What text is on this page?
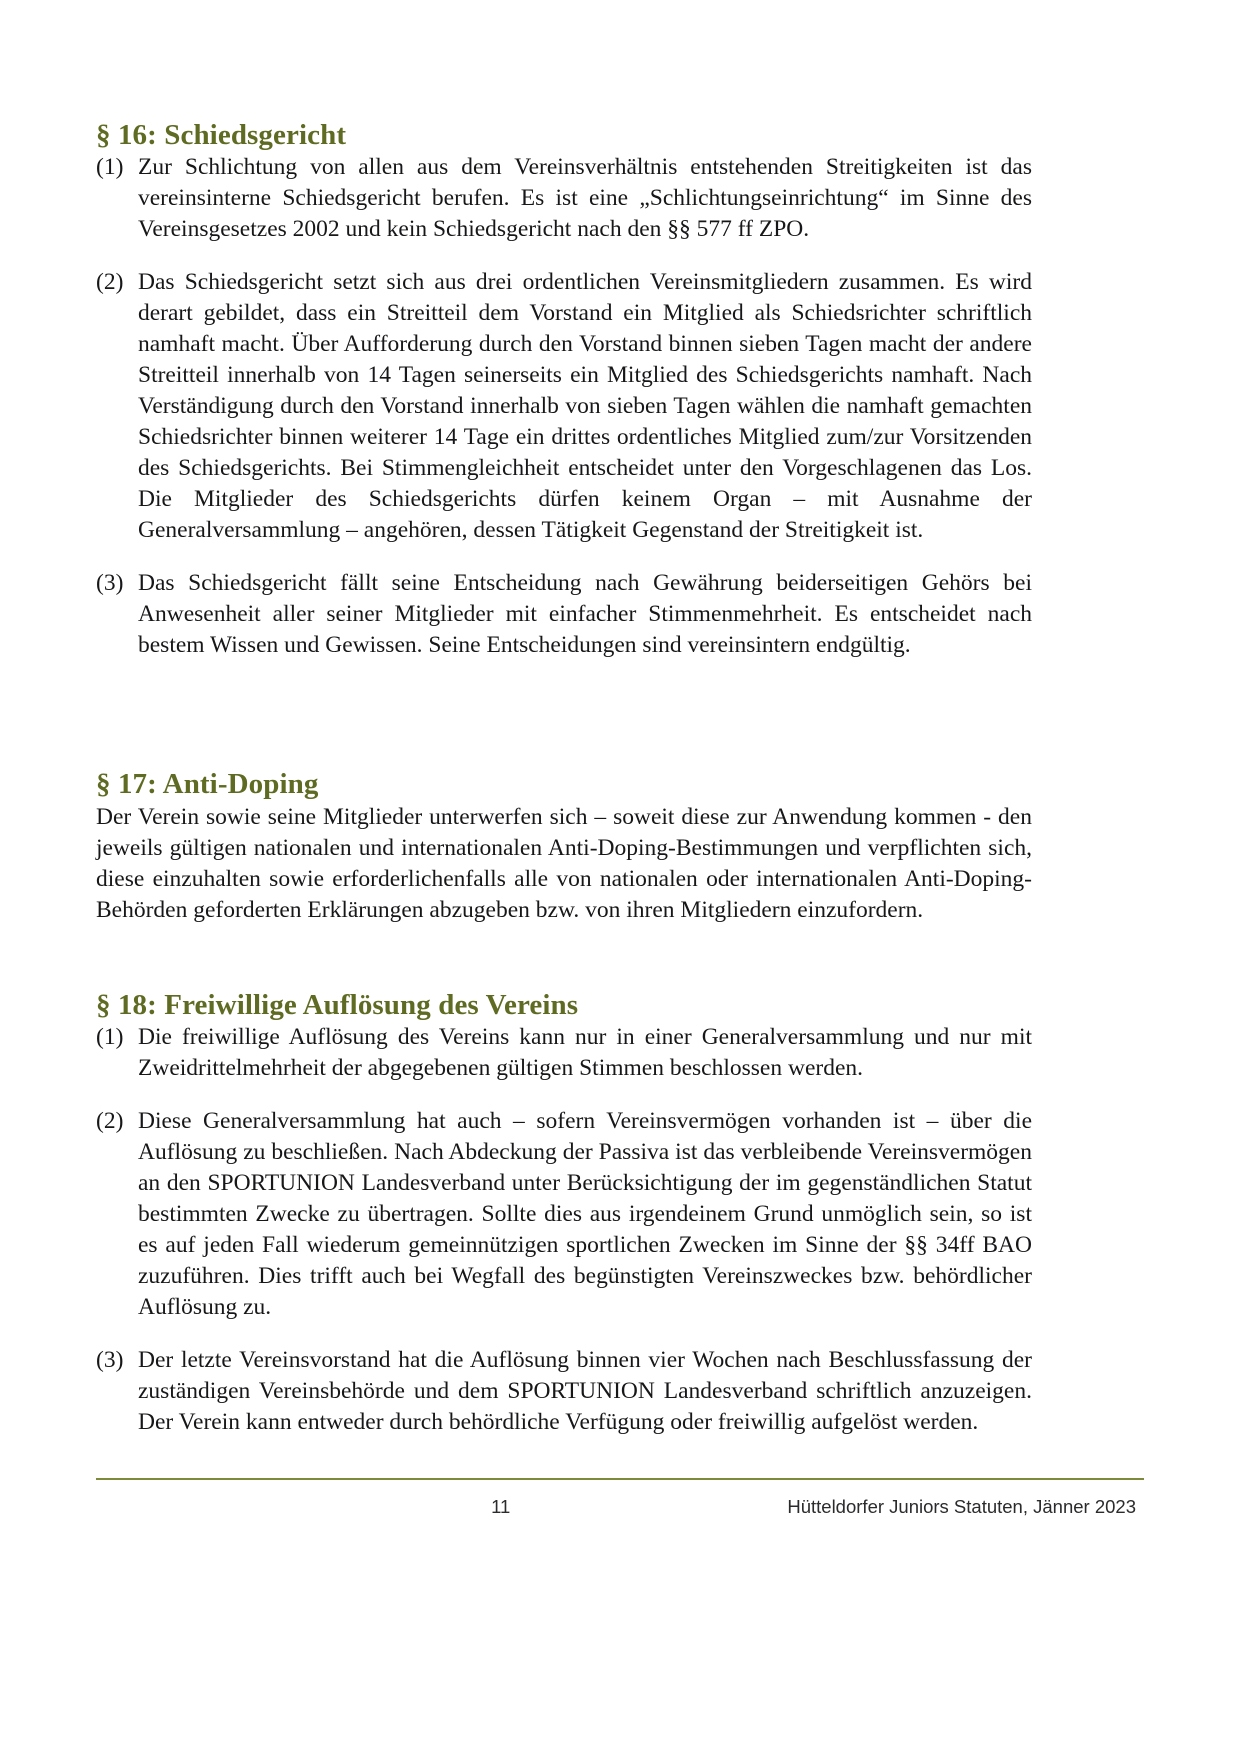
§ 16: Schiedsgericht

(1) Zur Schlichtung von allen aus dem Vereinsverhältnis entstehenden Streitigkeiten ist das vereinsinterne Schiedsgericht berufen. Es ist eine „Schlichtungseinrichtung“ im Sinne des Vereinsgesetzes 2002 und kein Schiedsgericht nach den §§ 577 ff ZPO.

(2) Das Schiedsgericht setzt sich aus drei ordentlichen Vereinsmitgliedern zusammen. Es wird derart gebildet, dass ein Streitteil dem Vorstand ein Mitglied als Schiedsrichter schriftlich namhaft macht. Über Aufforderung durch den Vorstand binnen sieben Tagen macht der andere Streitteil innerhalb von 14 Tagen seinerseits ein Mitglied des Schiedsgerichts namhaft. Nach Verständigung durch den Vorstand innerhalb von sieben Tagen wählen die namhaft gemachten Schiedsrichter binnen weiterer 14 Tage ein drittes ordentliches Mitglied zum/zur Vorsitzenden des Schiedsgerichts. Bei Stimmengleichheit entscheidet unter den Vorgeschlagenen das Los. Die Mitglieder des Schiedsgerichts dürfen keinem Organ – mit Ausnahme der Generalversammlung – angehören, dessen Tätigkeit Gegenstand der Streitigkeit ist.

(3) Das Schiedsgericht fällt seine Entscheidung nach Gewährung beiderseitigen Gehörs bei Anwesenheit aller seiner Mitglieder mit einfacher Stimmenmehrheit. Es entscheidet nach bestem Wissen und Gewissen. Seine Entscheidungen sind vereinsintern endgültig.

§ 17: Anti-Doping

Der Verein sowie seine Mitglieder unterwerfen sich – soweit diese zur Anwendung kommen - den jeweils gültigen nationalen und internationalen Anti-Doping-Bestimmungen und verpflichten sich, diese einzuhalten sowie erforderlichenfalls alle von nationalen oder internationalen Anti-Doping-Behörden geforderten Erklärungen abzugeben bzw. von ihren Mitgliedern einzufordern.

§ 18: Freiwillige Auflösung des Vereins

(1) Die freiwillige Auflösung des Vereins kann nur in einer Generalversammlung und nur mit Zweidrittelmehrheit der abgegebenen gültigen Stimmen beschlossen werden.

(2) Diese Generalversammlung hat auch – sofern Vereinsvermögen vorhanden ist – über die Auflösung zu beschließen. Nach Abdeckung der Passiva ist das verbleibende Vereinsvermögen an den SPORTUNION Landesverband unter Berücksichtigung der im gegenständlichen Statut bestimmten Zwecke zu übertragen. Sollte dies aus irgendeinem Grund unmöglich sein, so ist es auf jeden Fall wiederum gemeinnützigen sportlichen Zwecken im Sinne der §§ 34ff BAO zuzuführen. Dies trifft auch bei Wegfall des begünstigten Vereinszweckes bzw. behördlicher Auflösung zu.

(3) Der letzte Vereinsvorstand hat die Auflösung binnen vier Wochen nach Beschlussfassung der zuständigen Vereinsbehörde und dem SPORTUNION Landesverband schriftlich anzuzeigen. Der Verein kann entweder durch behördliche Verfügung oder freiwillig aufgelöst werden.

11	Hütteldorfer Juniors Statuten, Jänner 2023
